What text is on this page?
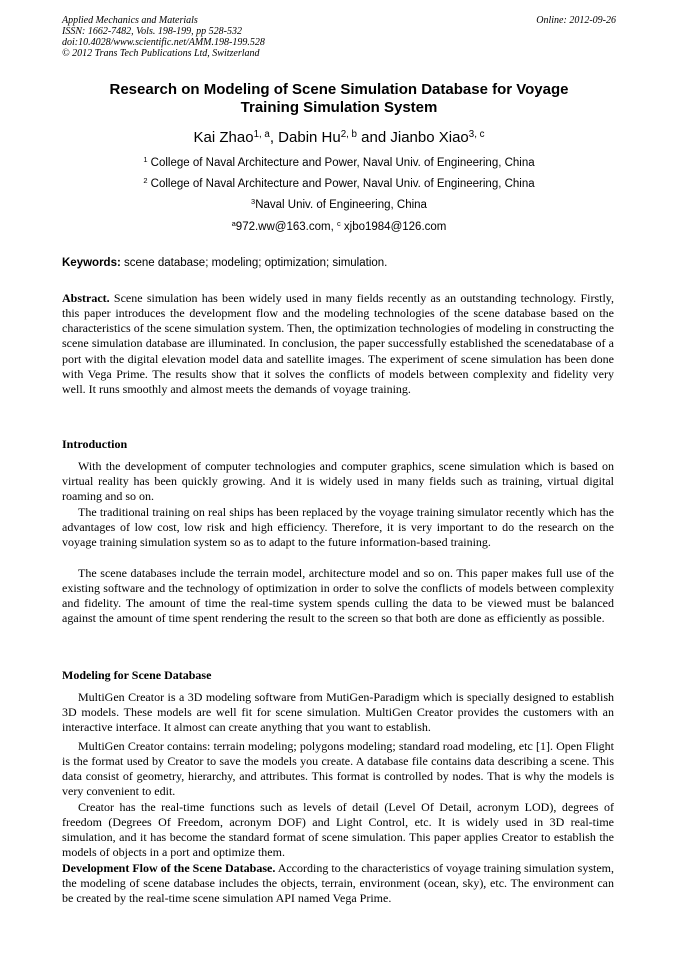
Applied Mechanics and Materials
ISSN: 1662-7482, Vols. 198-199, pp 528-532
doi:10.4028/www.scientific.net/AMM.198-199.528
© 2012 Trans Tech Publications Ltd, Switzerland
Online: 2012-09-26
Research on Modeling of Scene Simulation Database for Voyage
Training Simulation System
Kai Zhao$^{1, a}$, Dabin Hu$^{2, b}$ and Jianbo Xiao$^{3, c}$
$^1$ College of Naval Architecture and Power, Naval Univ. of Engineering, China
$^2$ College of Naval Architecture and Power, Naval Univ. of Engineering, China
$^3$Naval Univ. of Engineering, China
$^a$972.ww@163.com, $^c$ xjbo1984@126.com
Keywords: scene database; modeling; optimization; simulation.

Abstract. Scene simulation has been widely used in many fields recently as an outstanding technology. Firstly, this paper introduces the development flow and the modeling technologies of the scene database based on the characteristics of the scene simulation system. Then, the optimization technologies of modeling in constructing the scene simulation database are illuminated. In conclusion, the paper successfully established the scenedatabase of a port with the digital elevation model data and satellite images. The experiment of scene simulation has been done with Vega Prime. The results show that it solves the conflicts of models between complexity and fidelity very well. It runs smoothly and almost meets the demands of voyage training.

Introduction

With the development of computer technologies and computer graphics, scene simulation which is based on virtual reality has been quickly growing. And it is widely used in many fields such as training, virtual digital roaming and so on.

The traditional training on real ships has been replaced by the voyage training simulator recently which has the advantages of low cost, low risk and high efficiency. Therefore, it is very important to do the research on the voyage training simulation system so as to adapt to the future information-based training.

The scene databases include the terrain model, architecture model and so on. This paper makes full use of the existing software and the technology of optimization in order to solve the conflicts of models between complexity and fidelity. The amount of time the real-time system spends culling the data to be viewed must be balanced against the amount of time spent rendering the result to the screen so that both are done as efficiently as possible.

Modeling for Scene Database

MultiGen Creator is a 3D modeling software from MutiGen-Paradigm which is specially designed to establish 3D models. These models are well fit for scene simulation. MultiGen Creator provides the customers with an interactive interface. It almost can create anything that you want to establish.

MultiGen Creator contains: terrain modeling; polygons modeling; standard road modeling, etc [1]. Open Flight is the format used by Creator to save the models you create. A database file contains data describing a scene. This data consist of geometry, hierarchy, and attributes. This format is controlled by nodes. That is why the models is very convenient to edit.

Creator has the real-time functions such as levels of detail (Level Of Detail, acronym LOD), degrees of freedom (Degrees Of Freedom, acronym DOF) and Light Control, etc. It is widely used in 3D real-time simulation, and it has become the standard format of scene simulation. This paper applies Creator to establish the models of objects in a port and optimize them.

Development Flow of the Scene Database. According to the characteristics of voyage training simulation system, the modeling of scene database includes the objects, terrain, environment (ocean, sky), etc. The environment can be created by the real-time scene simulation API named Vega Prime.
